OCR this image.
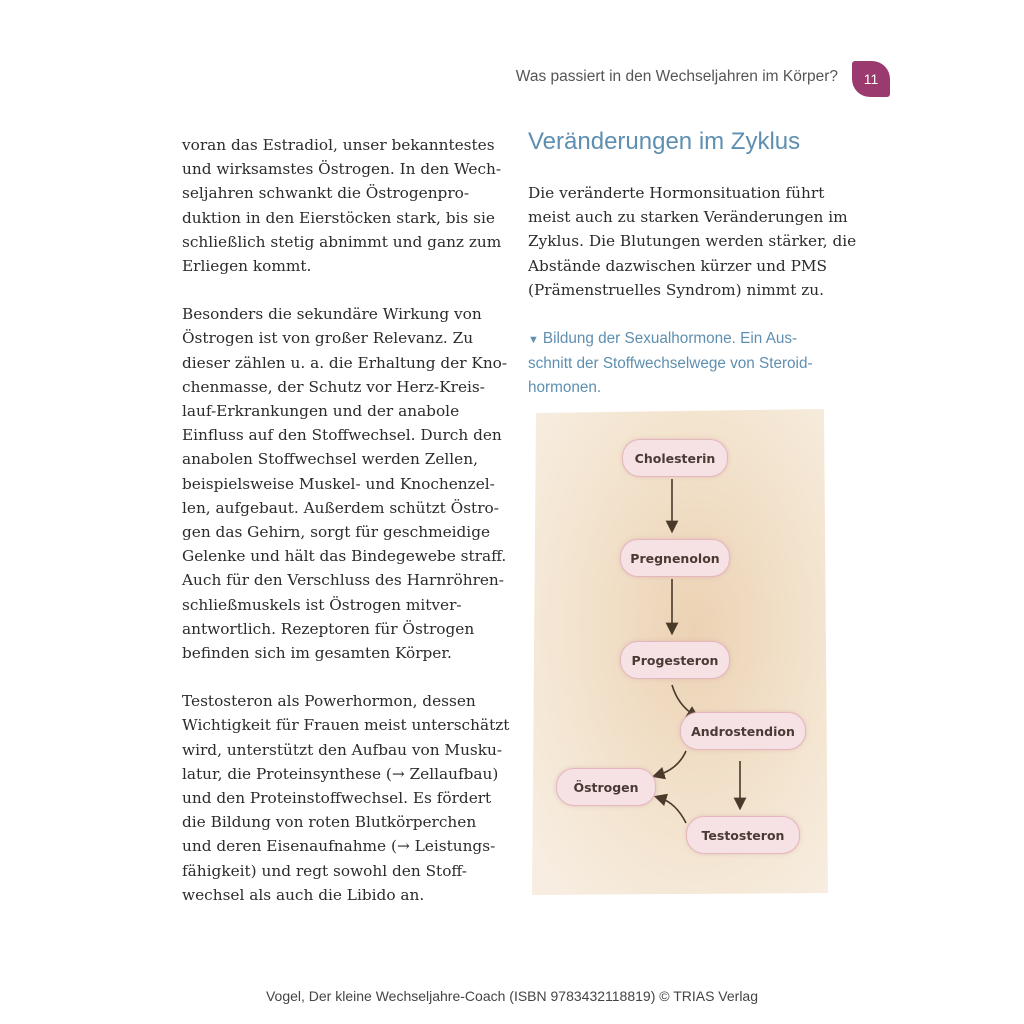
Was passiert in den Wechseljahren im Körper?	11

voran das Estradiol, unser bekanntestes
und wirksamstes Östrogen. In den Wech-
seljahren schwankt die Östrogenpro-
duktion in den Eierstöcken stark, bis sie
schließlich stetig abnimmt und ganz zum
Erliegen kommt.

Besonders die sekundäre Wirkung von
Östrogen ist von großer Relevanz. Zu
dieser zählen u. a. die Erhaltung der Kno-
chenmasse, der Schutz vor Herz-Kreis-
lauf-Erkrankungen und der anabole
Einfluss auf den Stoffwechsel. Durch den
anabolen Stoffwechsel werden Zellen,
beispielsweise Muskel- und Knochenzel-
len, aufgebaut. Außerdem schützt Östro-
gen das Gehirn, sorgt für geschmeidige
Gelenke und hält das Bindegewebe straff.
Auch für den Verschluss des Harnröhren-
schließmuskels ist Östrogen mitver-
antwortlich. Rezeptoren für Östrogen
befinden sich im gesamten Körper.

Testosteron als Powerhormon, dessen
Wichtigkeit für Frauen meist unterschätzt
wird, unterstützt den Aufbau von Musku-
latur, die Proteinsynthese (→ Zellaufbau)
und den Proteinstoffwechsel. Es fördert
die Bildung von roten Blutkörperchen
und deren Eisenaufnahme (→ Leistungs-
fähigkeit) und regt sowohl den Stoff-
wechsel als auch die Libido an.

Veränderungen im Zyklus
Die veränderte Hormonsituation führt
meist auch zu starken Veränderungen im
Zyklus. Die Blutungen werden stärker, die
Abstände dazwischen kürzer und PMS
(Prämenstruelles Syndrom) nimmt zu.
▼ Bildung der Sexualhormone. Ein Aus-
schnitt der Stoffwechselwege von Steroid-
hormonen.
Cholesterin
Pregnenolon
Progesteron
Androstendion
Östrogen
Testosteron
Vogel, Der kleine Wechseljahre-Coach (ISBN 9783432118819) © TRIAS Verlag
